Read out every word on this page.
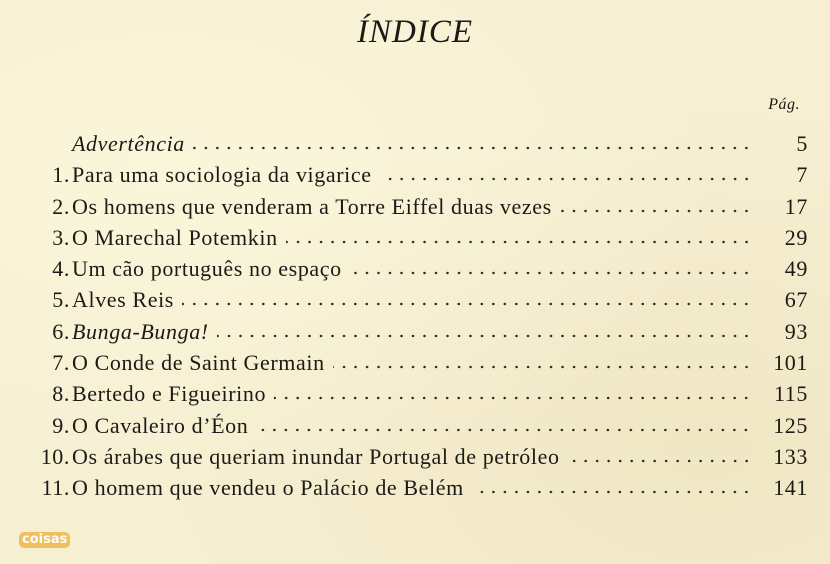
ÍNDICE
Pág.
Advertência	5
1. Para uma sociologia da vigarice	7
2. Os homens que venderam a Torre Eiffel duas vezes	17
3. O Marechal Potemkin	29
4. Um cão português no espaço	49
5. Alves Reis	67
6. Bunga-Bunga!	93
7. O Conde de Saint Germain	101
8. Bertedo e Figueirino	115
9. O Cavaleiro d’Éon	125
10. Os árabes que queriam inundar Portugal de petróleo	133
11. O homem que vendeu o Palácio de Belém	141
coisas
